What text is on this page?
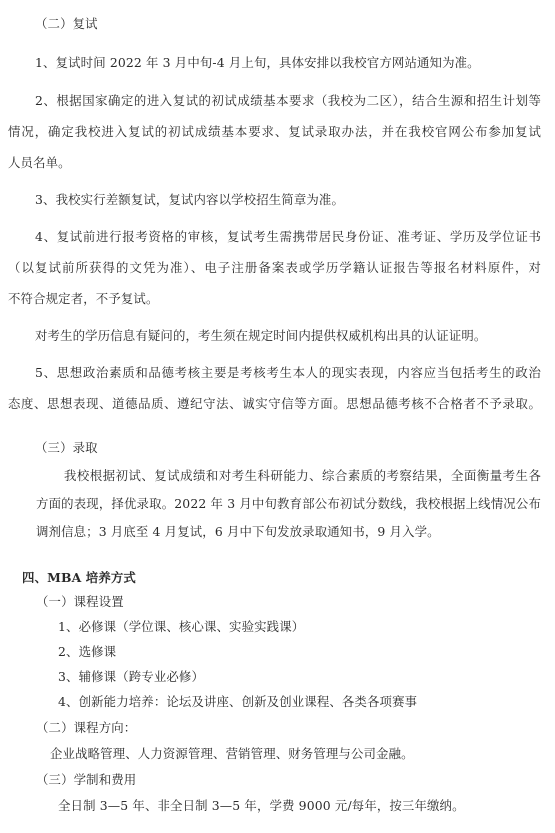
（二）复试
1、复试时间 2022 年 3 月中旬-4 月上旬，具体安排以我校官方网站通知为准。
2、根据国家确定的进入复试的初试成绩基本要求（我校为二区），结合生源和招生计划等
情况，确定我校进入复试的初试成绩基本要求、复试录取办法，并在我校官网公布参加复试
人员名单。
3、我校实行差额复试，复试内容以学校招生简章为准。
4、复试前进行报考资格的审核，复试考生需携带居民身份证、准考证、学历及学位证书
（以复试前所获得的文凭为准）、电子注册备案表或学历学籍认证报告等报名材料原件，对
不符合规定者，不予复试。
对考生的学历信息有疑问的，考生须在规定时间内提供权威机构出具的认证证明。
5、思想政治素质和品德考核主要是考核考生本人的现实表现，内容应当包括考生的政治
态度、思想表现、道德品质、遵纪守法、诚实守信等方面。思想品德考核不合格者不予录取。
（三）录取
我校根据初试、复试成绩和对考生科研能力、综合素质的考察结果，全面衡量考生各
方面的表现，择优录取。2022 年 3 月中旬教育部公布初试分数线，我校根据上线情况公布
调剂信息；3 月底至 4 月复试，6 月中下旬发放录取通知书，9 月入学。
四、MBA 培养方式
（一）课程设置
1、必修课（学位课、核心课、实验实践课）
2、选修课
3、辅修课（跨专业必修）
4、创新能力培养：论坛及讲座、创新及创业课程、各类各项赛事
（二）课程方向：
企业战略管理、人力资源管理、营销管理、财务管理与公司金融。
（三）学制和费用
全日制 3—5 年、非全日制 3—5 年，学费 9000 元/每年，按三年缴纳。
